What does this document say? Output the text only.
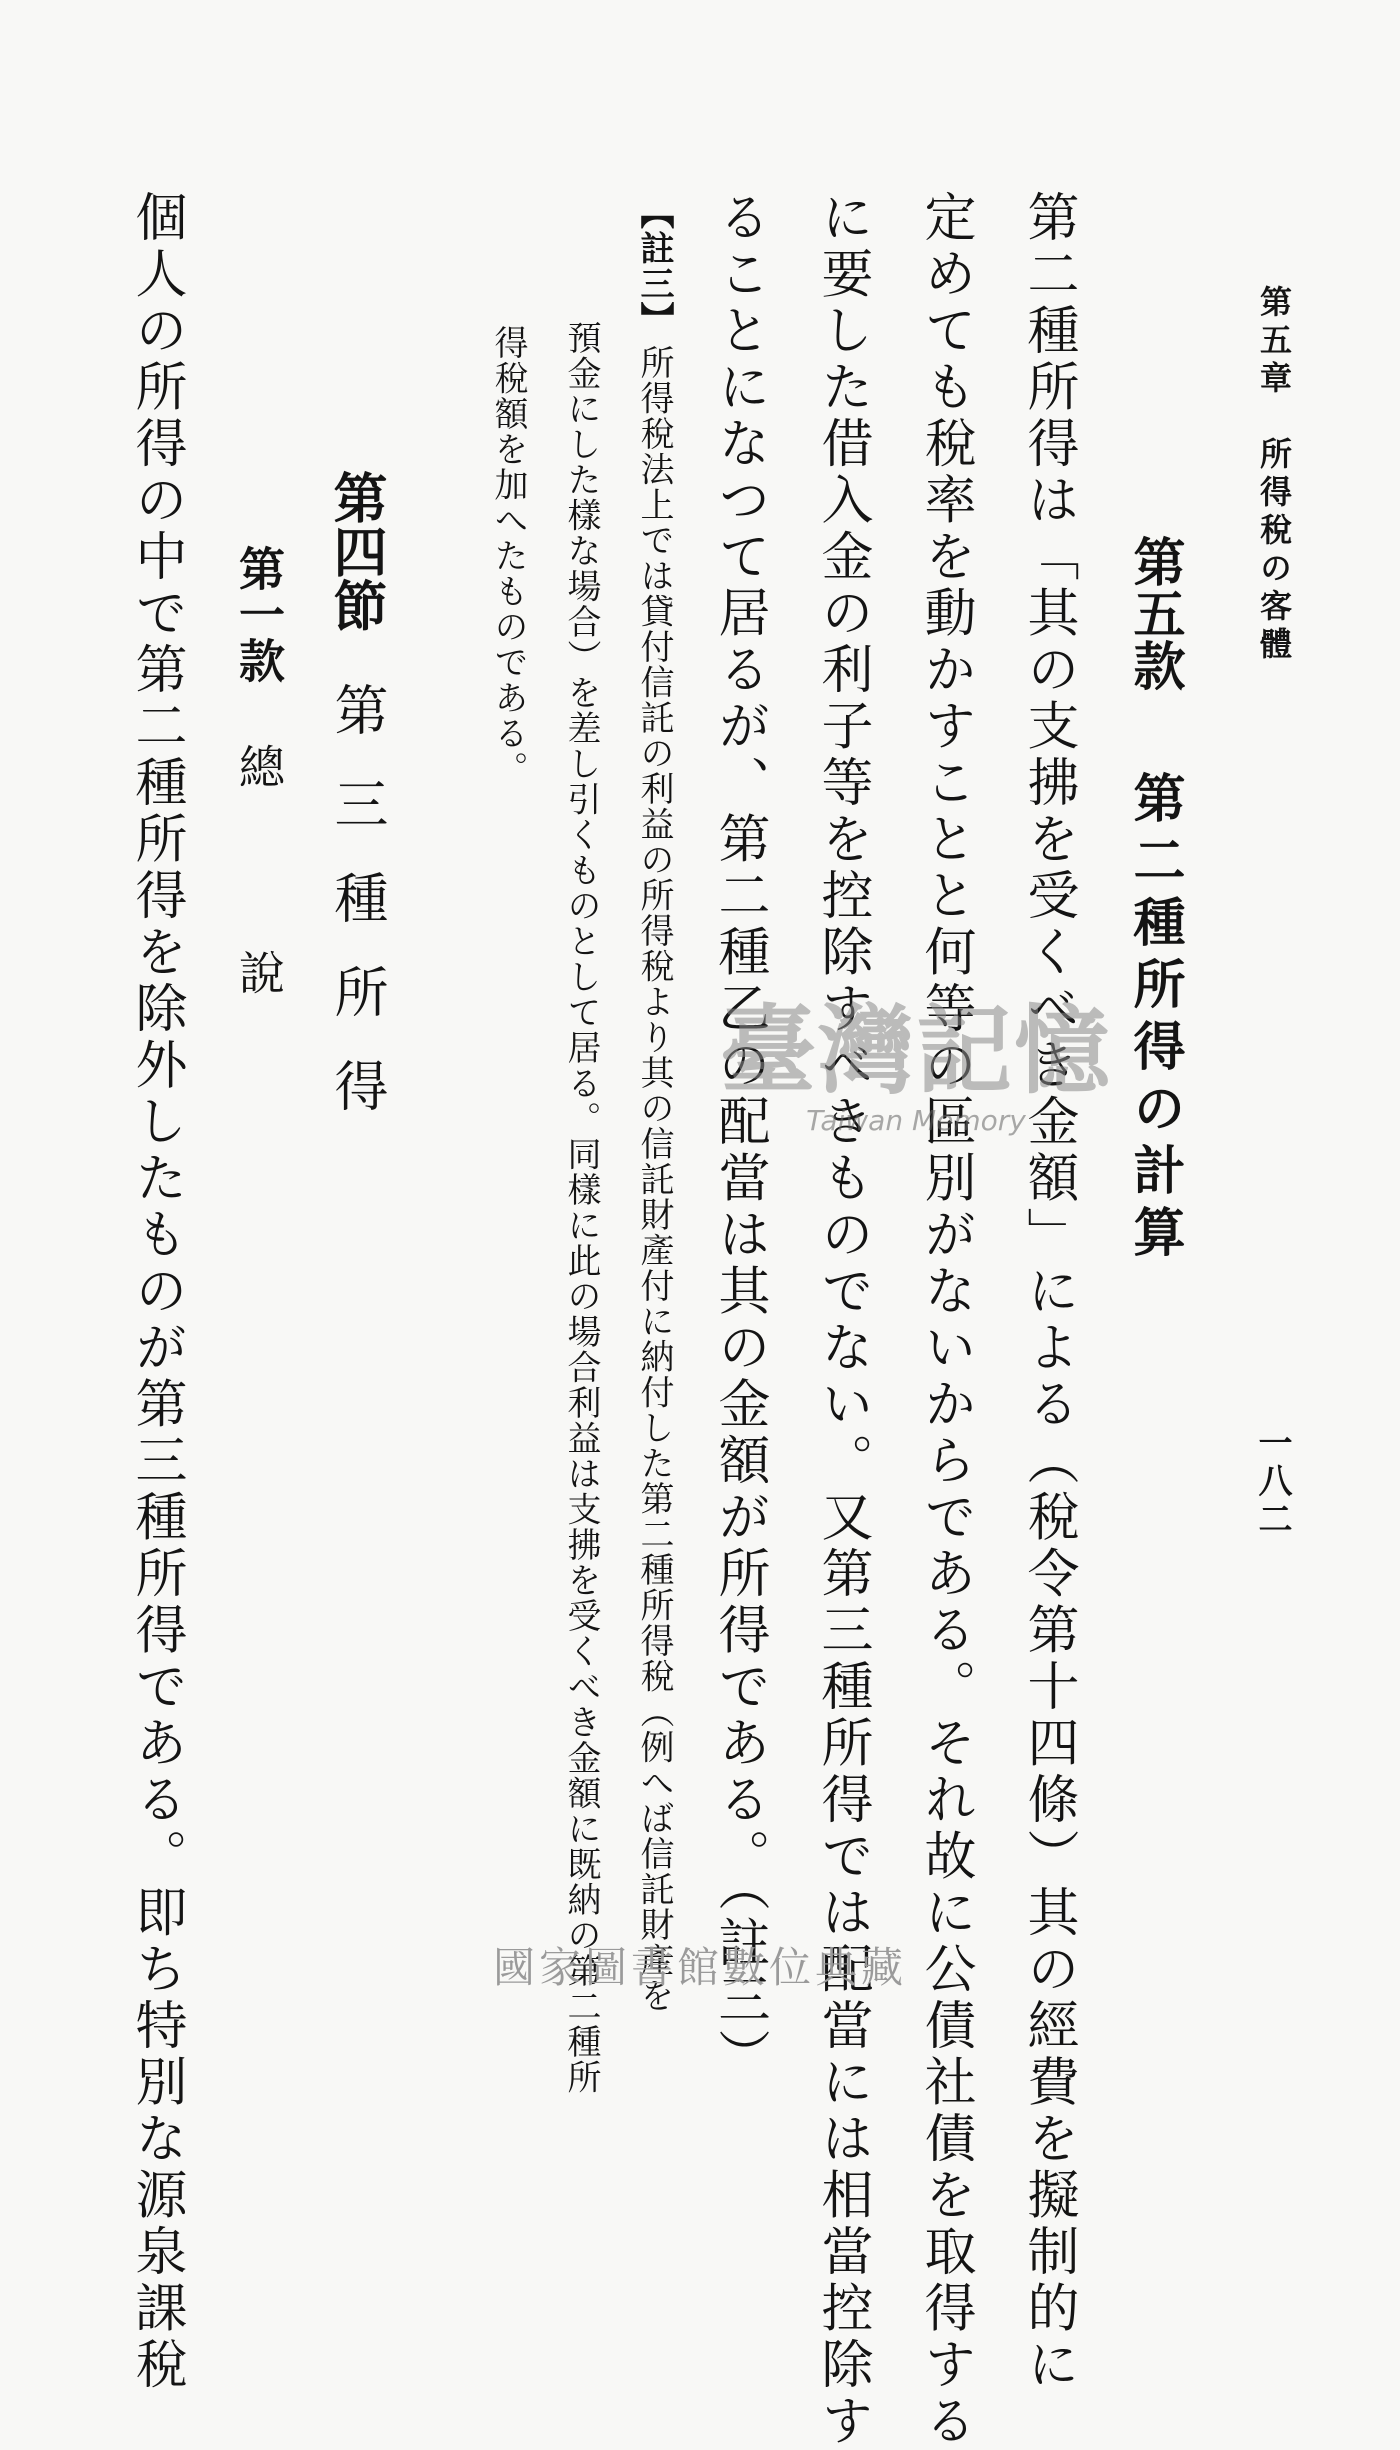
第五章　所得稅の客體
一八二
第五款第二種所得の計算
第二種所得は「其の支拂を受くべき金額」による（稅令第十四條）其の經費を擬制的に
定めても稅率を動かすことと何等の區別がないからである。それ故に公債社債を取得する
に要した借入金の利子等を控除すべきものでない。又第三種所得では配當には相當控除す
ることになつて居るが、第二種乙の配當は其の金額が所得である。（註三）
【註三】所得稅法上では貸付信託の利益の所得稅より其の信託財產付に納付した第二種所得稅（例へば信託財產を
預金にした樣な場合）を差し引くものとして居る。同樣に此の場合利益は支拂を受くべき金額に既納の第二種所
得稅額を加へたものである。
第四節第三種所得
第一款總說
個人の所得の中で第二種所得を除外したものが第三種所得である。即ち特別な源泉課稅	臺灣記憶
Taiwan Memory
國家圖書館數位典藏
